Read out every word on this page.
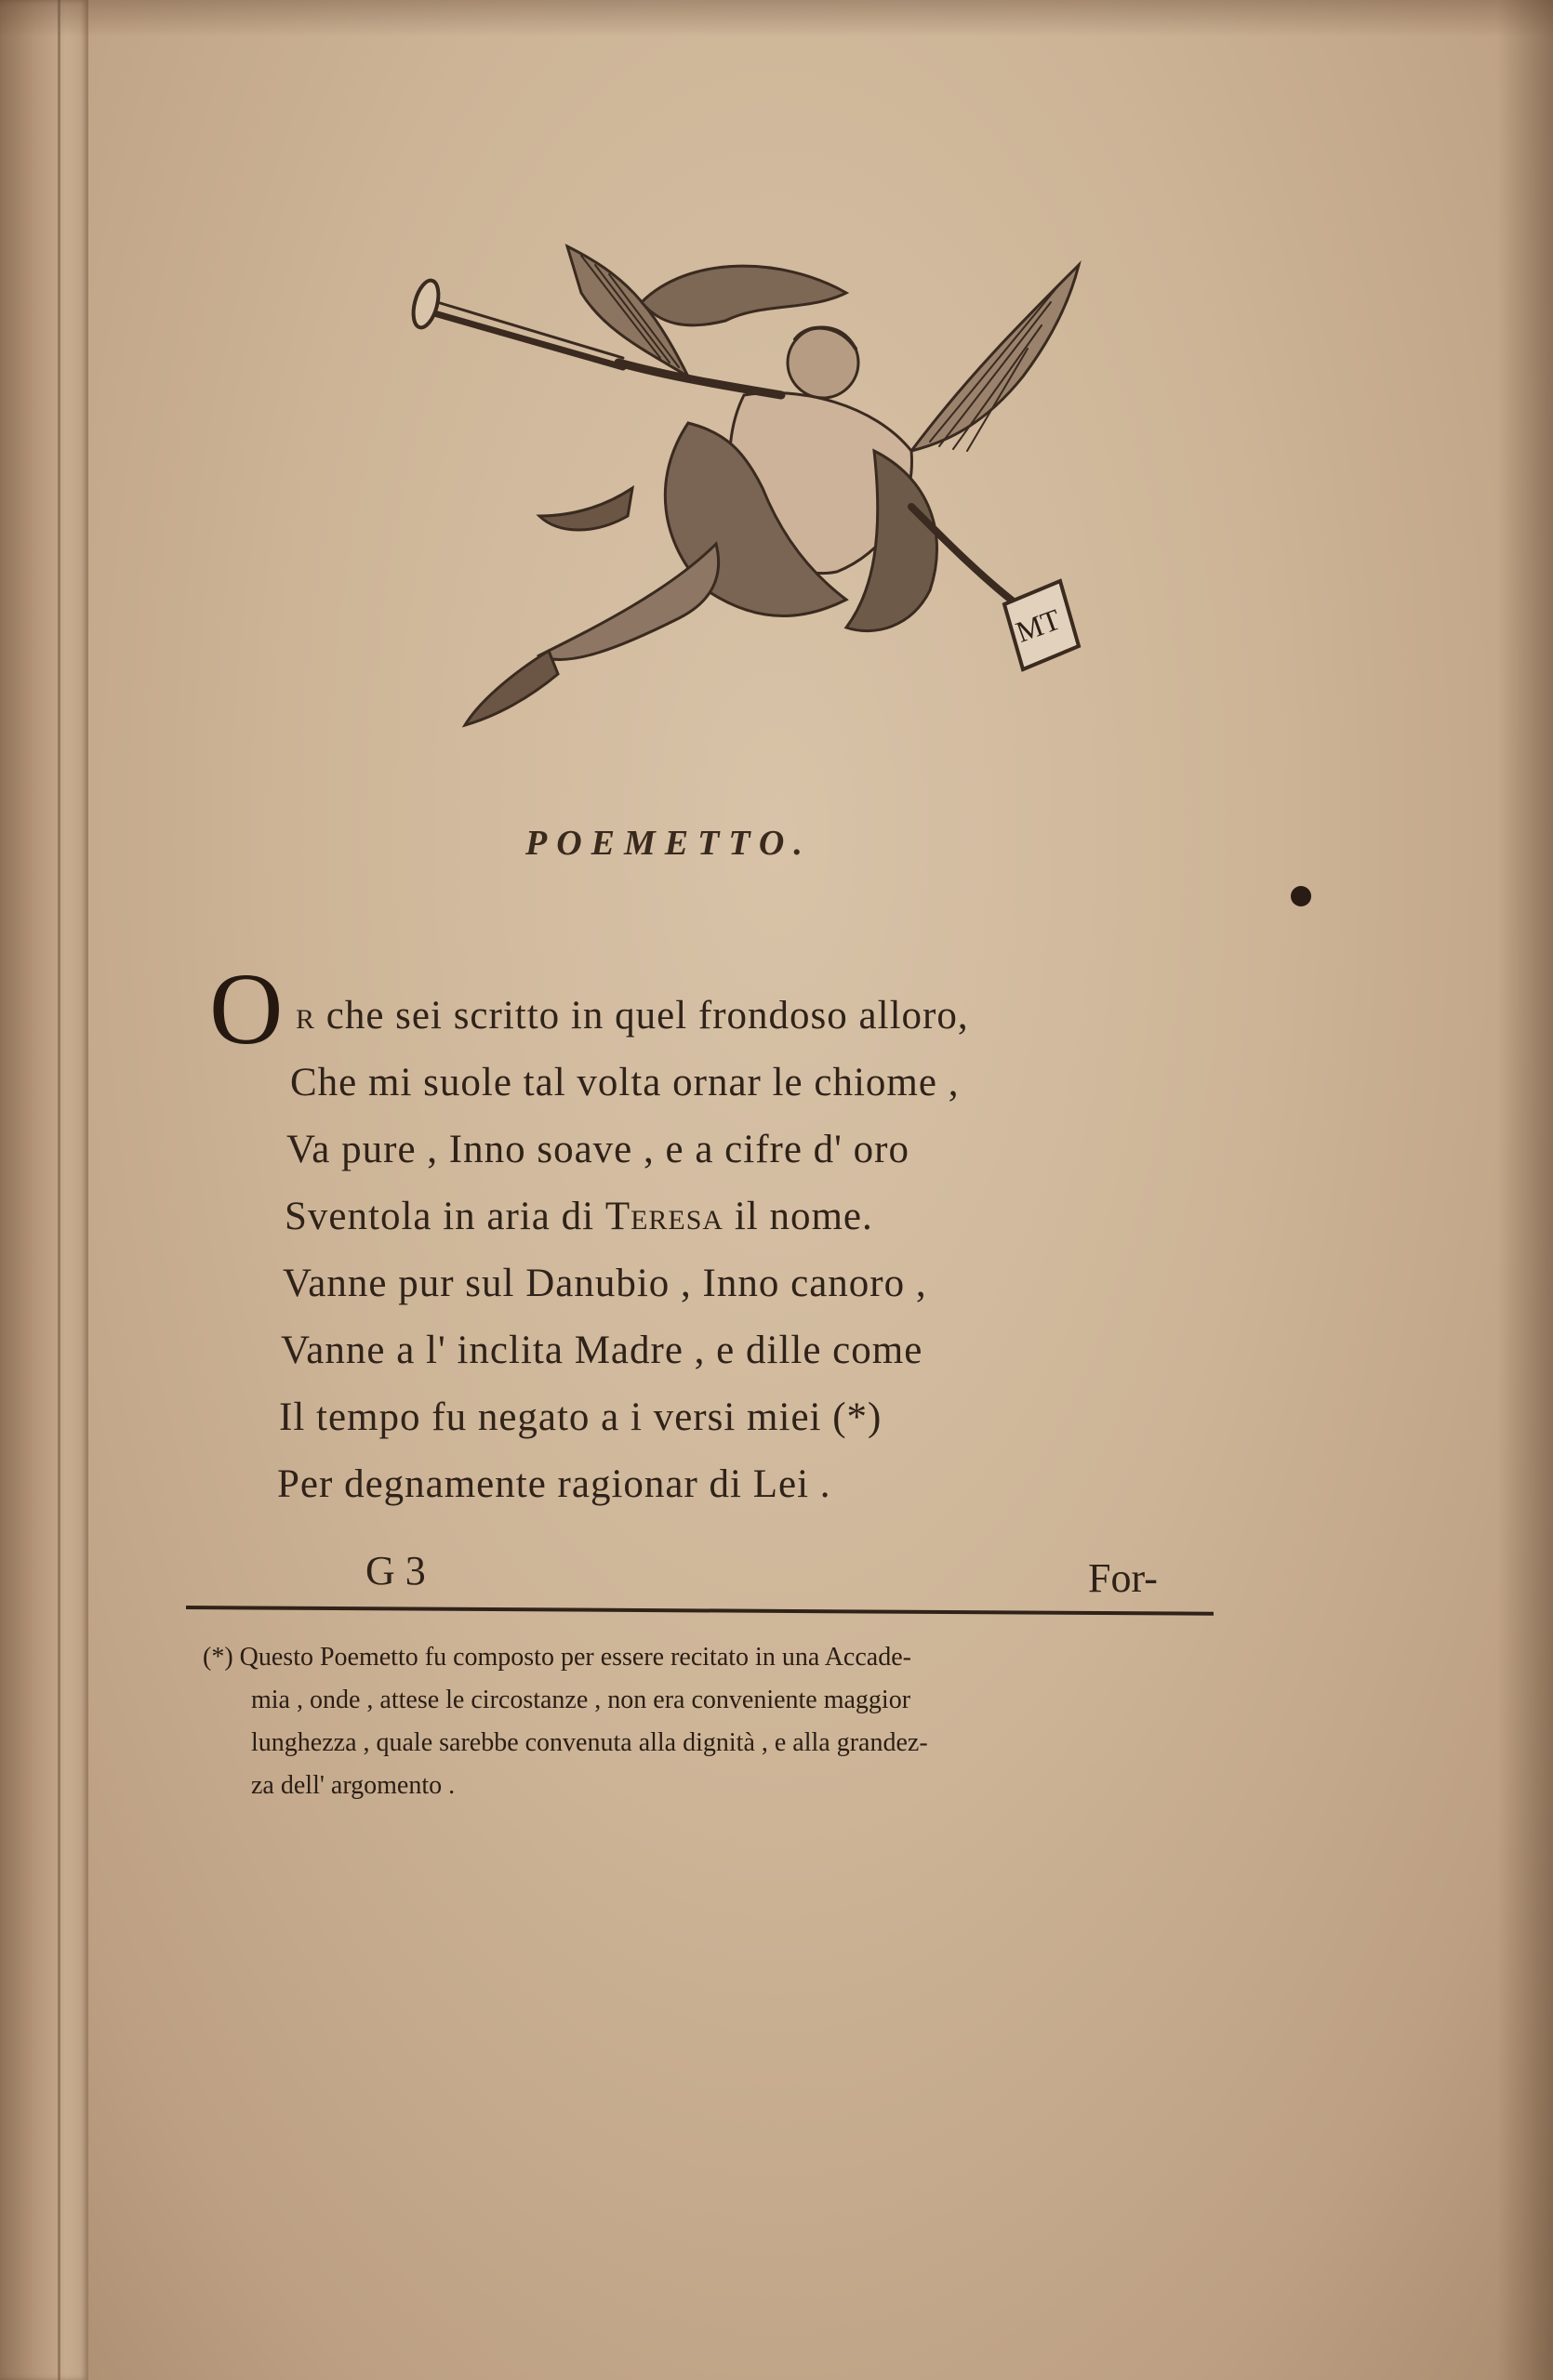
MT
POEMETTO.
O R che sei scritto in quel frondoso alloro,
Che mi suole tal volta ornar le chiome ,
Va pure , Inno soave , e a cifre d' oro
Sventola in aria di Teresa il nome.
Vanne pur sul Danubio , Inno canoro ,
Vanne a l' inclita Madre , e dille come
Il tempo fu negato a i versi miei (*)
Per degnamente ragionar di Lei .
G 3	For-
(*) Questo Poemetto fu composto per essere recitato in una Accade-
mia , onde , attese le circostanze , non era conveniente maggior
lunghezza , quale sarebbe convenuta alla dignità , e alla grandez-
za dell' argomento .
